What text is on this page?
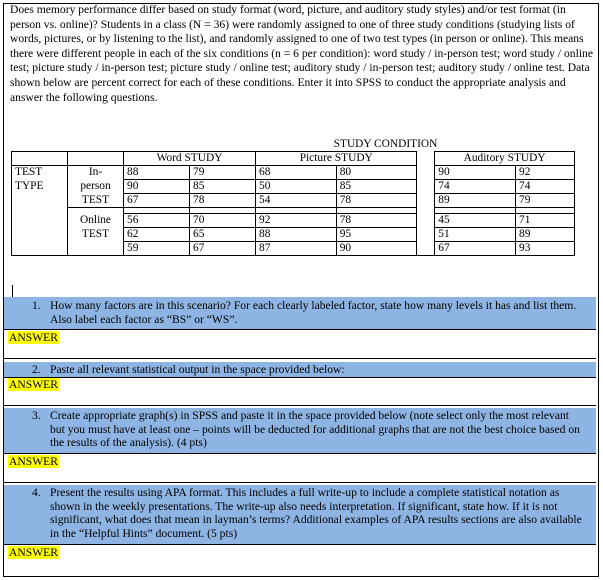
Does memory performance differ based on study format (word, picture, and auditory study styles) and/or test format (in person vs. online)? Students in a class (N = 36) were randomly assigned to one of three study conditions (studying lists of words, pictures, or by listening to the list), and randomly assigned to one of two test types (in person or online). This means there were different people in each of the six conditions (n = 6 per condition): word study / in-person test; word study / online test; picture study / in-person test; picture study / online test; auditory study / in-person test; auditory study / online test. Data shown below are percent correct for each of these conditions. Enter it into SPSS to conduct the appropriate analysis and answer the following questions.
				STUDY CONDITION				
		Word STUDY		Picture STUDY			Auditory STUDY	
TEST	In-	88	79	68	80		90	92
TYPE	person	90	85	50	85		74	74
	TEST	67	78	54	78		89	79

	Online	56	70	92	78		45	71
	TEST	62	65	88	95		51	89
		59	67	87	90		67	93
1. How many factors are in this scenario? For each clearly labeled factor, state how many levels it has and list them. Also label each factor as “BS” or “WS”.
ANSWER
2. Paste all relevant statistical output in the space provided below:
ANSWER
3. Create appropriate graph(s) in SPSS and paste it in the space provided below (note select only the most relevant but you must have at least one – points will be deducted for additional graphs that are not the best choice based on the results of the analysis). (4 pts)
ANSWER
4. Present the results using APA format. This includes a full write-up to include a complete statistical notation as shown in the weekly presentations. The write-up also needs interpretation. If significant, state how. If it is not significant, what does that mean in layman’s terms? Additional examples of APA results sections are also available in the “Helpful Hints” document. (5 pts)
ANSWER
